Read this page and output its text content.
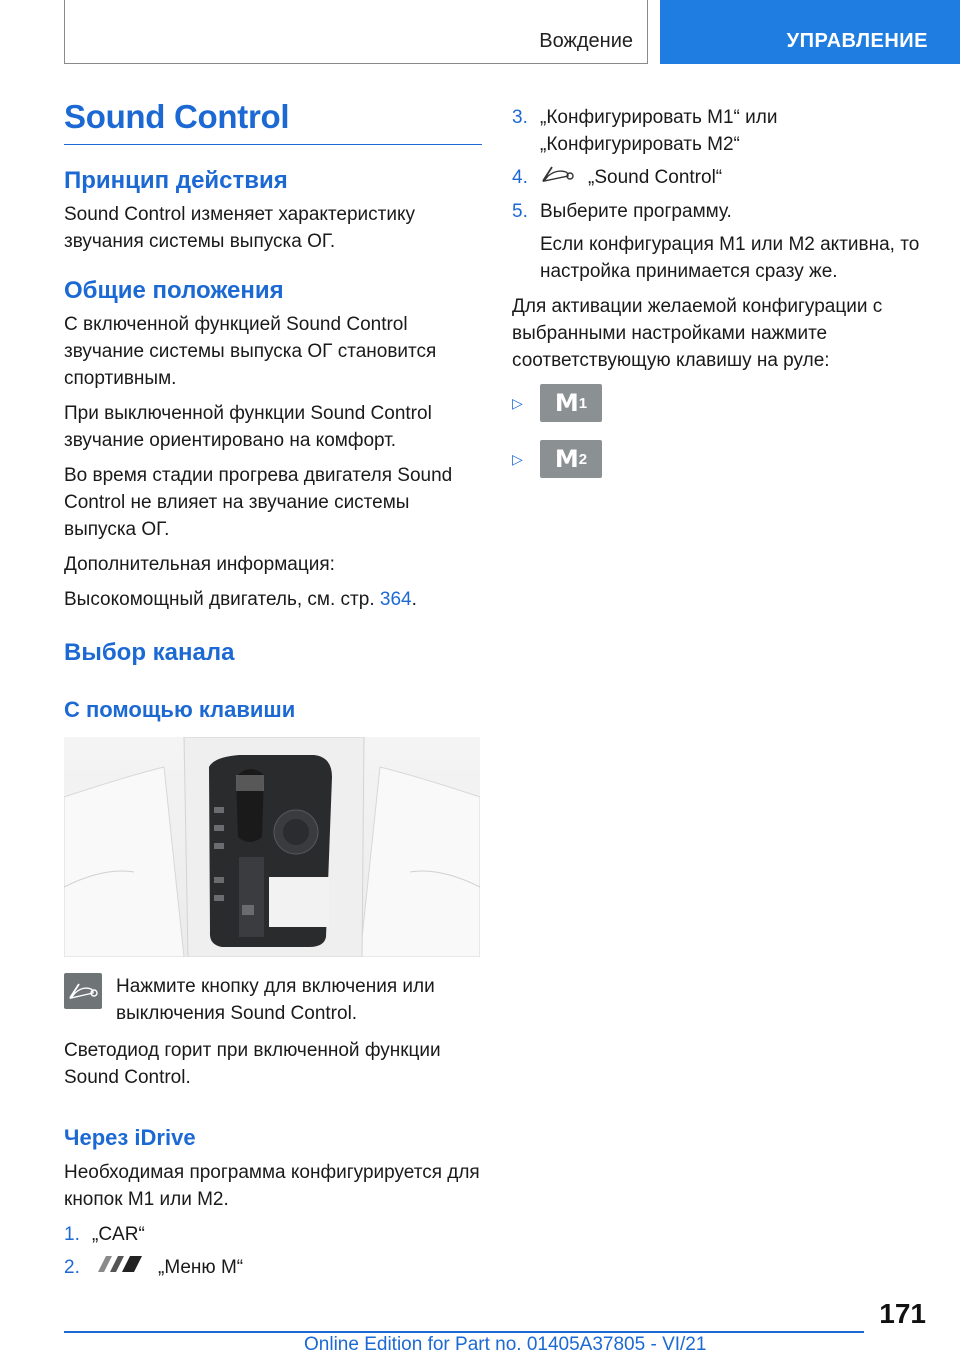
Вождение	УПРАВЛЕНИЕ
Sound Control
Принцип действия

Sound Control изменяет характеристику звучания системы выпуска ОГ.

Общие положения

С включенной функцией Sound Control звучание системы выпуска ОГ становится спортивным.

При выключенной функции Sound Control звучание ориентировано на комфорт.

Во время стадии прогрева двигателя Sound Control не влияет на звучание системы выпуска ОГ.

Дополнительная информация:

Высокомощный двигатель, см. стр. 364.

Выбор канала
С помощью клавиши

Нажмите кнопку для включения или выключения Sound Control.

Светодиод горит при включенной функции Sound Control.

Через iDrive

Необходимая программа конфигурируется для кнопок M1 или M2.

1. „CAR“
2.	„Меню M“
3. „Конфигурировать M1“ или „Конфигурировать M2“
4.	„Sound Control“
5. Выберите программу.

Если конфигурация M1 или M2 активна, то настройка принимается сразу же.

Для активации желаемой конфигурации с выбранными настройками нажмите соответствующую клавишу на руле:

▷	M 1
▷	M 2
171
Online Edition for Part no. 01405A37805 - VI/21
